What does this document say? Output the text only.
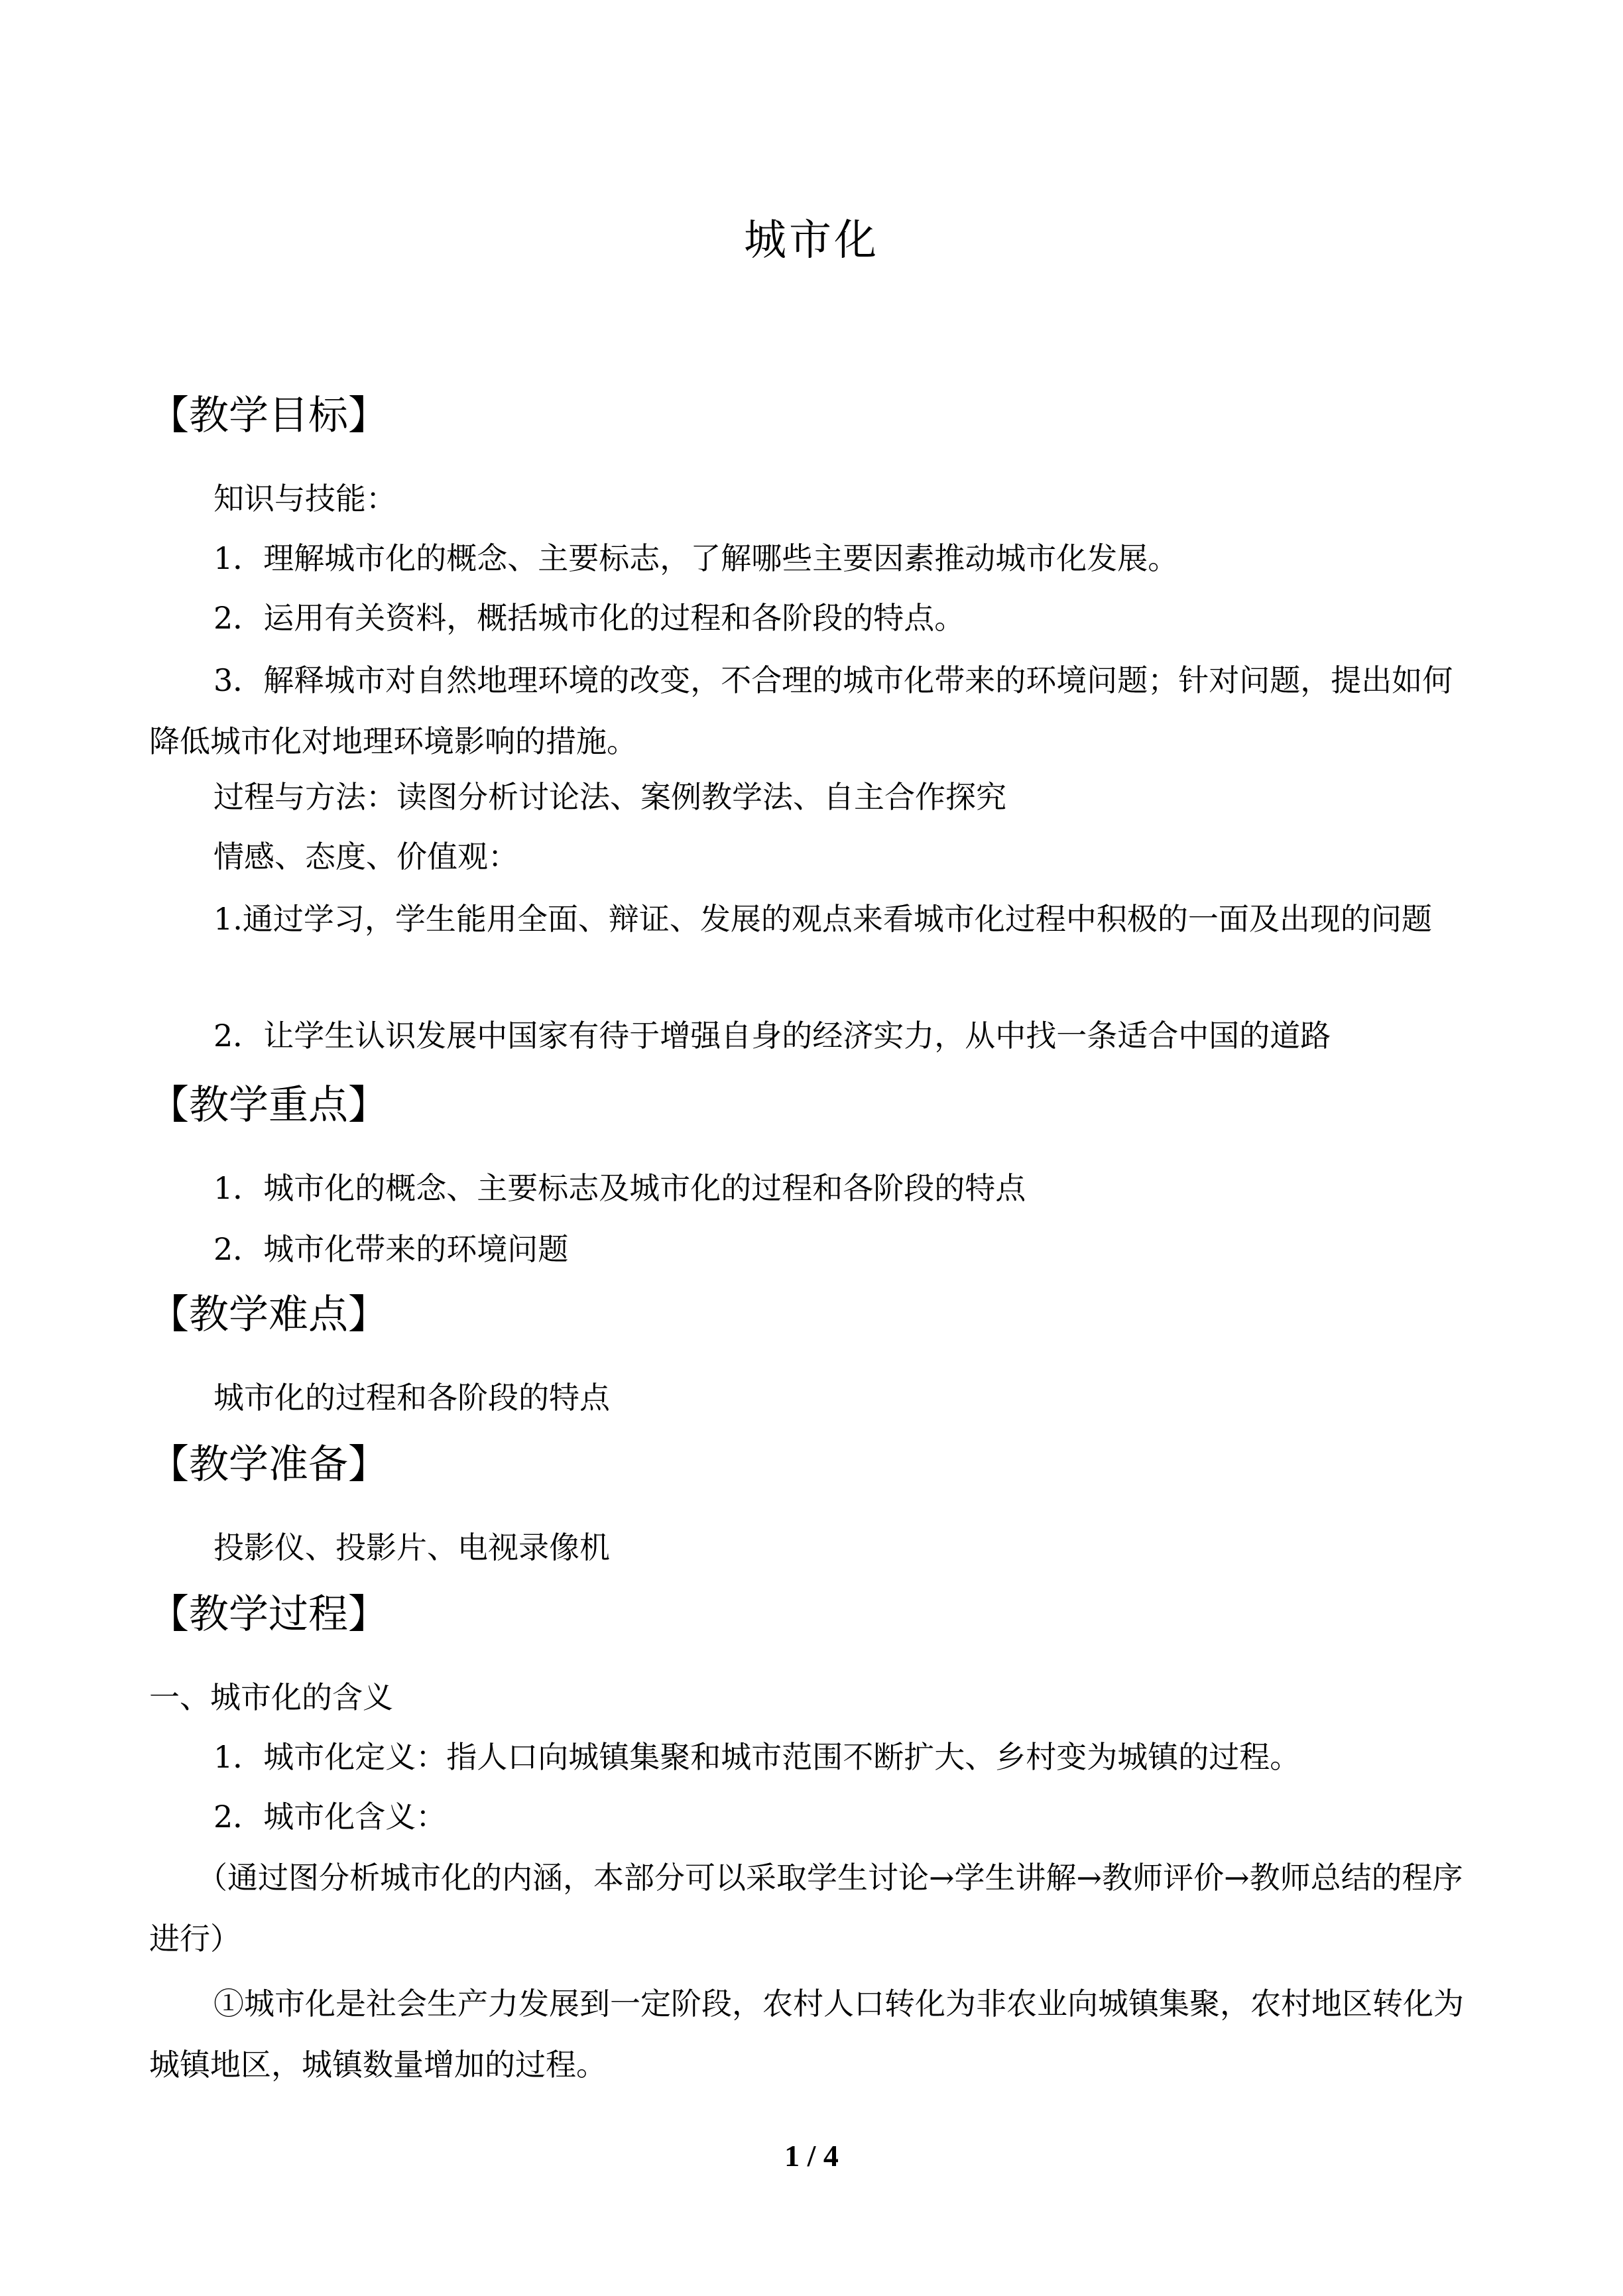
城市化
【教学目标】
知识与技能：
1．理解城市化的概念、主要标志，了解哪些主要因素推动城市化发展。
2．运用有关资料，概括城市化的过程和各阶段的特点。
3．解释城市对自然地理环境的改变，不合理的城市化带来的环境问题；针对问题，提出如何降低城市化对地理环境影响的措施。
过程与方法：读图分析讨论法、案例教学法、自主合作探究
情感、态度、价值观：
1.通过学习，学生能用全面、辩证、发展的观点来看城市化过程中积极的一面及出现的问题
2．让学生认识发展中国家有待于增强自身的经济实力，从中找一条适合中国的道路
【教学重点】
1．城市化的概念、主要标志及城市化的过程和各阶段的特点
2．城市化带来的环境问题
【教学难点】
城市化的过程和各阶段的特点
【教学准备】
投影仪、投影片、电视录像机
【教学过程】
一、城市化的含义
1．城市化定义：指人口向城镇集聚和城市范围不断扩大、乡村变为城镇的过程。
2．城市化含义：
（通过图分析城市化的内涵，本部分可以采取学生讨论→学生讲解→教师评价→教师总结的程序进行）
①城市化是社会生产力发展到一定阶段，农村人口转化为非农业向城镇集聚，农村地区转化为城镇地区，城镇数量增加的过程。
1 / 4
